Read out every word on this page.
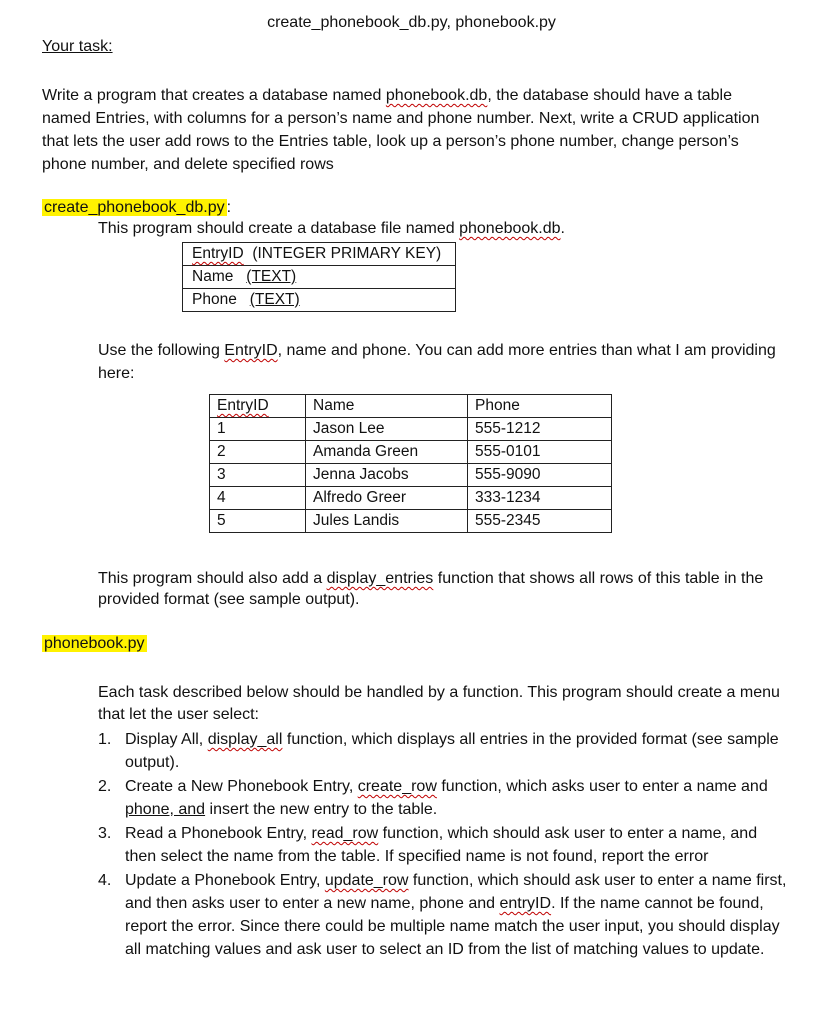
create_phonebook_db.py, phonebook.py
Your task:
Write a program that creates a database named phonebook.db, the database should have a table named Entries, with columns for a person’s name and phone number. Next, write a CRUD application that lets the user add rows to the Entries table, look up a person’s phone number, change person’s phone number, and delete specified rows
create_phonebook_db.py :
This program should create a database file named phonebook.db.
EntryID (INTEGER PRIMARY KEY)
Name (TEXT)
Phone (TEXT)
Use the following EntryID, name and phone. You can add more entries than what I am providing here:
EntryID	Name	Phone
1	Jason Lee	555-1212
2	Amanda Green	555-0101
3	Jenna Jacobs	555-9090
4	Alfredo Greer	333-1234
5	Jules Landis	555-2345
This program should also add a display_entries function that shows all rows of this table in the provided format (see sample output).
phonebook.py
Each task described below should be handled by a function. This program should create a menu that let the user select:
1. Display All, display_all function, which displays all entries in the provided format (see sample output).
2. Create a New Phonebook Entry, create_row function, which asks user to enter a name and phone, and insert the new entry to the table.
3. Read a Phonebook Entry, read_row function, which should ask user to enter a name, and then select the name from the table. If specified name is not found, report the error
4. Update a Phonebook Entry, update_row function, which should ask user to enter a name first, and then asks user to enter a new name, phone and entryID. If the name cannot be found, report the error. Since there could be multiple name match the user input, you should display all matching values and ask user to select an ID from the list of matching values to update.
